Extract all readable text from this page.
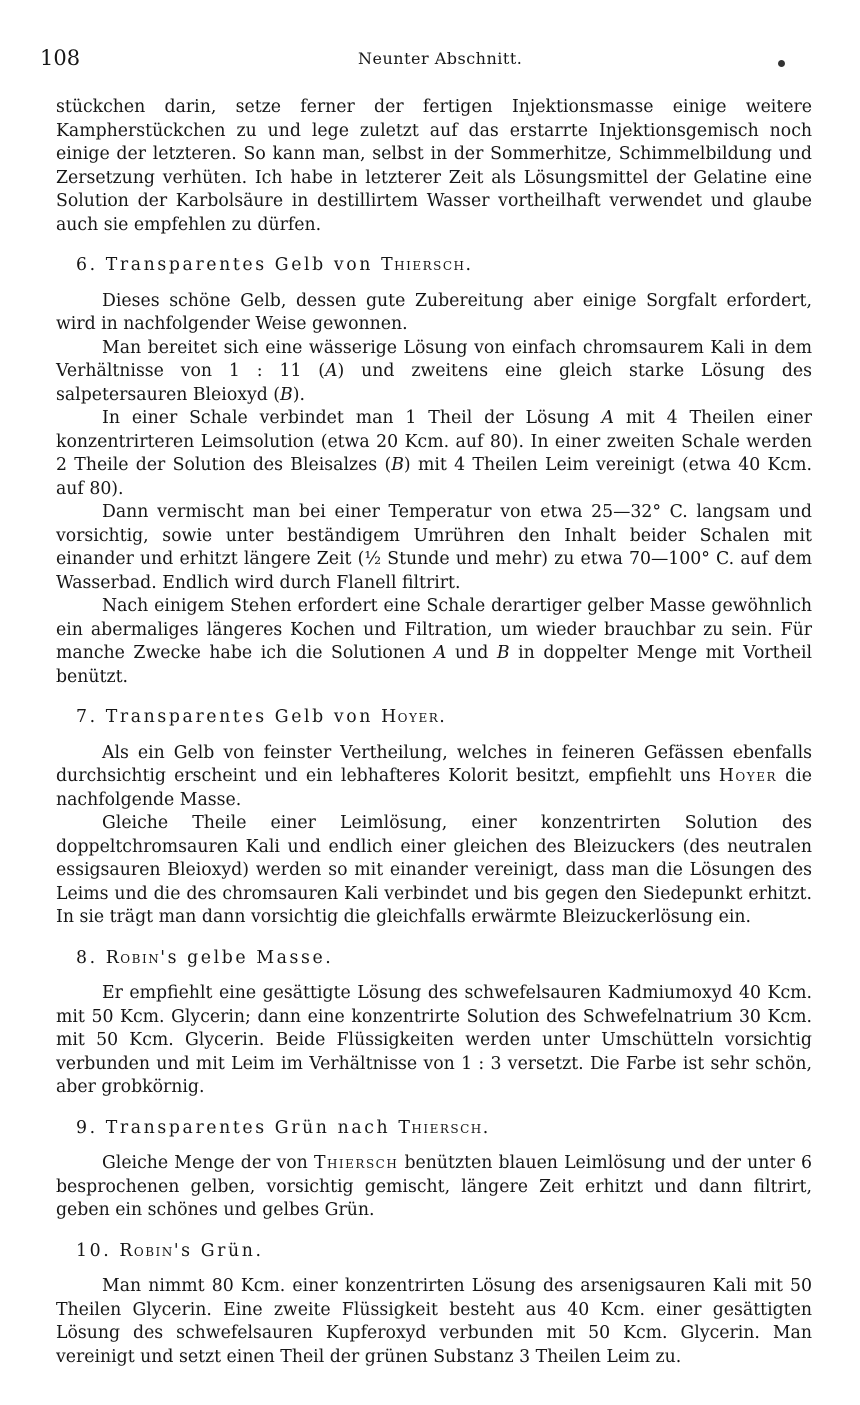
108	Neunter Abschnitt.

stückchen darin, setze ferner der fertigen Injektionsmasse einige weitere Kampherstückchen zu und lege zuletzt auf das erstarrte Injektionsgemisch noch einige der letzteren. So kann man, selbst in der Sommerhitze, Schimmelbildung und Zersetzung verhüten. Ich habe in letzterer Zeit als Lösungsmittel der Gelatine eine Solution der Karbolsäure in destillirtem Wasser vortheilhaft verwendet und glaube auch sie empfehlen zu dürfen.

6. Transparentes Gelb von Thiersch.

Dieses schöne Gelb, dessen gute Zubereitung aber einige Sorgfalt erfordert, wird in nachfolgender Weise gewonnen.

Man bereitet sich eine wässerige Lösung von einfach chromsaurem Kali in dem Verhältnisse von 1 : 11 (A) und zweitens eine gleich starke Lösung des salpetersauren Bleioxyd (B).

In einer Schale verbindet man 1 Theil der Lösung A mit 4 Theilen einer konzentrirteren Leimsolution (etwa 20 Kcm. auf 80). In einer zweiten Schale werden 2 Theile der Solution des Bleisalzes (B) mit 4 Theilen Leim vereinigt (etwa 40 Kcm. auf 80).

Dann vermischt man bei einer Temperatur von etwa 25—32° C. langsam und vorsichtig, sowie unter beständigem Umrühren den Inhalt beider Schalen mit einander und erhitzt längere Zeit (½ Stunde und mehr) zu etwa 70—100° C. auf dem Wasserbad. Endlich wird durch Flanell filtrirt.

Nach einigem Stehen erfordert eine Schale derartiger gelber Masse gewöhnlich ein abermaliges längeres Kochen und Filtration, um wieder brauchbar zu sein. Für manche Zwecke habe ich die Solutionen A und B in doppelter Menge mit Vortheil benützt.

7. Transparentes Gelb von Hoyer.

Als ein Gelb von feinster Vertheilung, welches in feineren Gefässen ebenfalls durchsichtig erscheint und ein lebhafteres Kolorit besitzt, empfiehlt uns Hoyer die nachfolgende Masse.

Gleiche Theile einer Leimlösung, einer konzentrirten Solution des doppeltchromsauren Kali und endlich einer gleichen des Bleizuckers (des neutralen essigsauren Bleioxyd) werden so mit einander vereinigt, dass man die Lösungen des Leims und die des chromsauren Kali verbindet und bis gegen den Siedepunkt erhitzt. In sie trägt man dann vorsichtig die gleichfalls erwärmte Bleizuckerlösung ein.

8. Robin's gelbe Masse.

Er empfiehlt eine gesättigte Lösung des schwefelsauren Kadmiumoxyd 40 Kcm. mit 50 Kcm. Glycerin; dann eine konzentrirte Solution des Schwefelnatrium 30 Kcm. mit 50 Kcm. Glycerin. Beide Flüssigkeiten werden unter Umschütteln vorsichtig verbunden und mit Leim im Verhältnisse von 1 : 3 versetzt. Die Farbe ist sehr schön, aber grobkörnig.

9. Transparentes Grün nach Thiersch.

Gleiche Menge der von Thiersch benützten blauen Leimlösung und der unter 6 besprochenen gelben, vorsichtig gemischt, längere Zeit erhitzt und dann filtrirt, geben ein schönes und gelbes Grün.

10. Robin's Grün.

Man nimmt 80 Kcm. einer konzentrirten Lösung des arsenigsauren Kali mit 50 Theilen Glycerin. Eine zweite Flüssigkeit besteht aus 40 Kcm. einer gesättigten Lösung des schwefelsauren Kupferoxyd verbunden mit 50 Kcm. Glycerin. Man vereinigt und setzt einen Theil der grünen Substanz 3 Theilen Leim zu.
